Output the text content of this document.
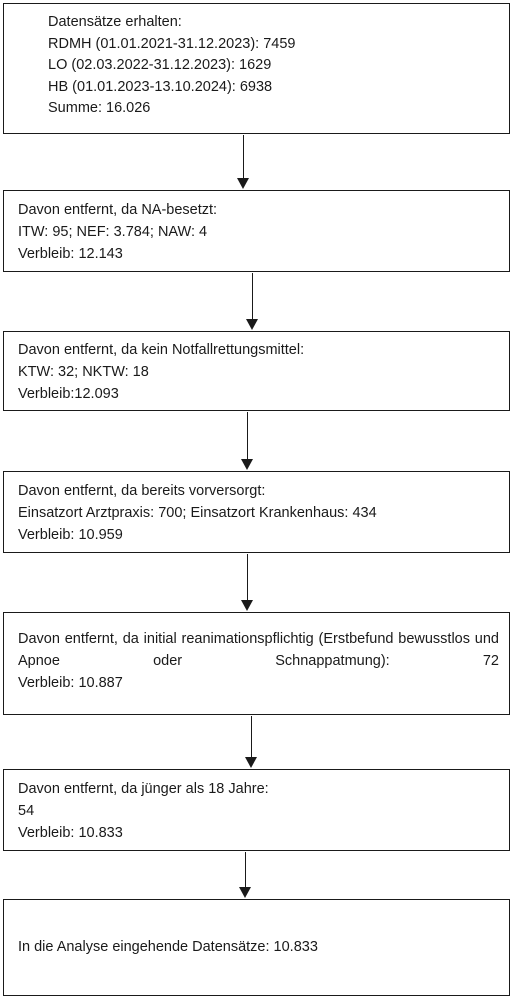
Datensätze erhalten:
RDMH (01.01.2021-31.12.2023): 7459
LO (02.03.2022-31.12.2023): 1629
HB (01.01.2023-13.10.2024): 6938
Summe: 16.026
Davon entfernt, da NA-besetzt:
ITW: 95; NEF: 3.784; NAW: 4
Verbleib: 12.143
Davon entfernt, da kein Notfallrettungsmittel:
KTW: 32; NKTW: 18
Verbleib:12.093
Davon entfernt, da bereits vorversorgt:
Einsatzort Arztpraxis: 700; Einsatzort Krankenhaus: 434
Verbleib: 10.959
Davon entfernt, da initial reanimationspflichtig (Erstbefund bewusstlos und Apnoe oder Schnappatmung): 72
Verbleib: 10.887
Davon entfernt, da jünger als 18 Jahre:
54
Verbleib: 10.833
In die Analyse eingehende Datensätze: 10.833
